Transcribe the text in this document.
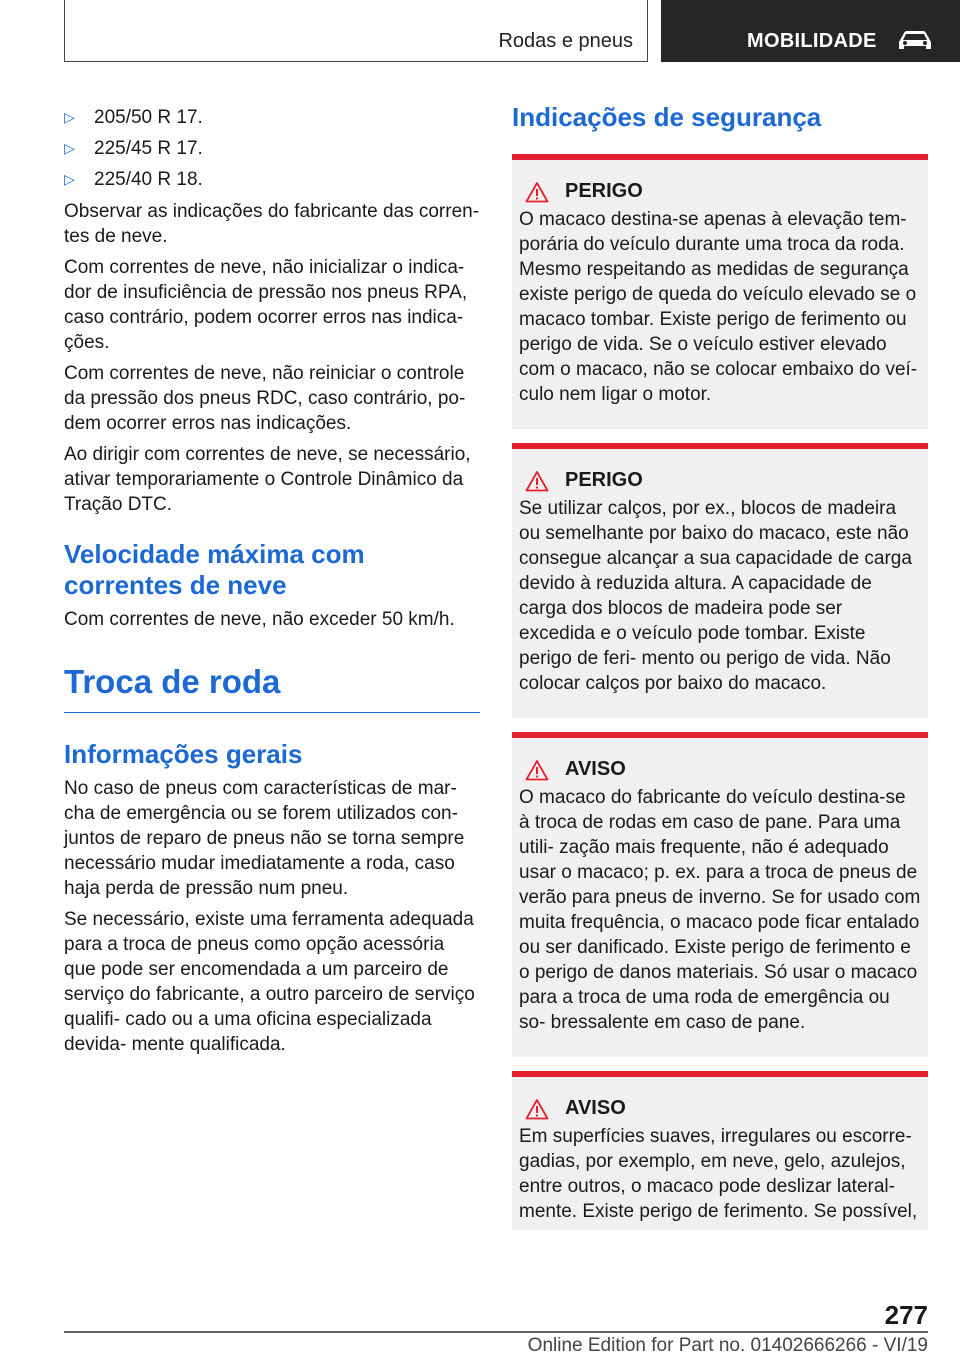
Rodas e pneus	MOBILIDADE
▷	205/50 R 17.
▷	225/45 R 17.
▷	225/40 R 18.

Observar as indicações do fabricante das corren‐ tes de neve.

Com correntes de neve, não inicializar o indica‐ dor de insuficiência de pressão nos pneus RPA, caso contrário, podem ocorrer erros nas indica‐ ções.

Com correntes de neve, não reiniciar o controle da pressão dos pneus RDC, caso contrário, po‐ dem ocorrer erros nas indicações.

Ao dirigir com correntes de neve, se necessário, ativar temporariamente o Controle Dinâmico da Tração DTC.

Velocidade máxima com correntes de neve

Com correntes de neve, não exceder 50 km/h.

Troca de roda
Informações gerais

No caso de pneus com características de mar‐ cha de emergência ou se forem utilizados con‐ juntos de reparo de pneus não se torna sempre necessário mudar imediatamente a roda, caso haja perda de pressão num pneu.

Se necessário, existe uma ferramenta adequada para a troca de pneus como opção acessória que pode ser encomendada a um parceiro de serviço do fabricante, a outro parceiro de serviço qualifi‐ cado ou a uma oficina especializada devida‐ mente qualificada.

Indicações de segurança
PERIGO

O macaco destina-se apenas à elevação tem‐ porária do veículo durante uma troca da roda. Mesmo respeitando as medidas de segurança existe perigo de queda do veículo elevado se o macaco tombar. Existe perigo de ferimento ou perigo de vida. Se o veículo estiver elevado com o macaco, não se colocar embaixo do veí‐ culo nem ligar o motor.

PERIGO

Se utilizar calços, por ex., blocos de madeira ou semelhante por baixo do macaco, este não consegue alcançar a sua capacidade de carga devido à reduzida altura. A capacidade de carga dos blocos de madeira pode ser excedida e o veículo pode tombar. Existe perigo de feri‐ mento ou perigo de vida. Não colocar calços por baixo do macaco.

AVISO

O macaco do fabricante do veículo destina-se à troca de rodas em caso de pane. Para uma utili‐ zação mais frequente, não é adequado usar o macaco; p. ex. para a troca de pneus de verão para pneus de inverno. Se for usado com muita frequência, o macaco pode ficar entalado ou ser danificado. Existe perigo de ferimento e o perigo de danos materiais. Só usar o macaco para a troca de uma roda de emergência ou so‐ bressalente em caso de pane.

AVISO

Em superfícies suaves, irregulares ou escorre‐ gadias, por exemplo, em neve, gelo, azulejos, entre outros, o macaco pode deslizar lateral‐ mente. Existe perigo de ferimento. Se possível,

277
Online Edition for Part no. 01402666266 - VI/19
